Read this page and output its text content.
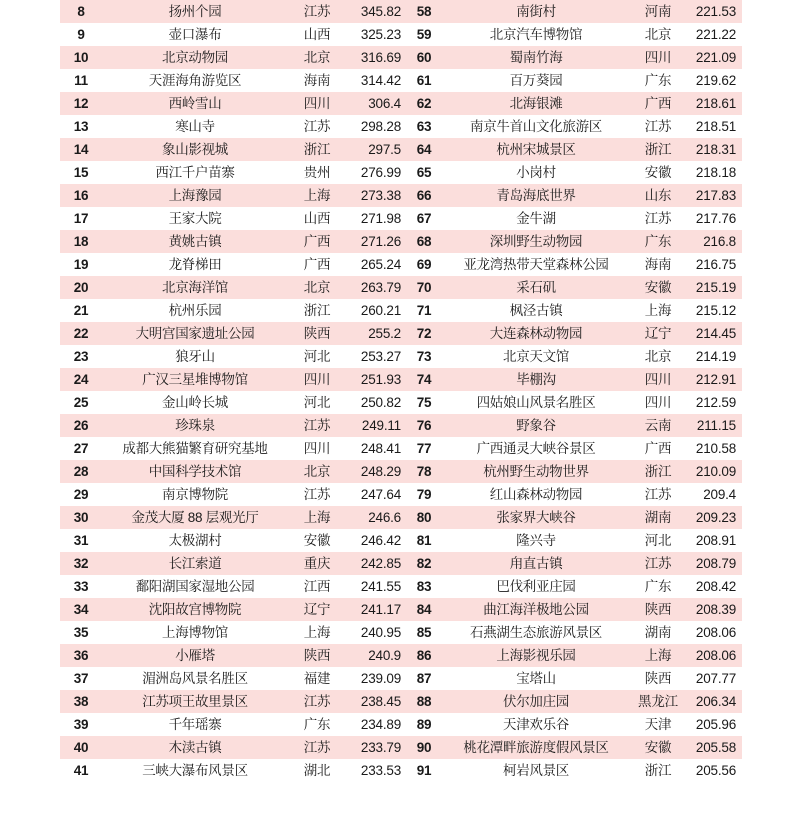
8	扬州个园	江苏	345.82	58	南街村	河南	221.53
9	壶口瀑布	山西	325.23	59	北京汽车博物馆	北京	221.22
10	北京动物园	北京	316.69	60	蜀南竹海	四川	221.09
11	天涯海角游览区	海南	314.42	61	百万葵园	广东	219.62
12	西岭雪山	四川	306.4	62	北海银滩	广西	218.61
13	寒山寺	江苏	298.28	63	南京牛首山文化旅游区	江苏	218.51
14	象山影视城	浙江	297.5	64	杭州宋城景区	浙江	218.31
15	西江千户苗寨	贵州	276.99	65	小岗村	安徽	218.18
16	上海豫园	上海	273.38	66	青岛海底世界	山东	217.83
17	王家大院	山西	271.98	67	金牛湖	江苏	217.76
18	黄姚古镇	广西	271.26	68	深圳野生动物园	广东	216.8
19	龙脊梯田	广西	265.24	69	亚龙湾热带天堂森林公园	海南	216.75
20	北京海洋馆	北京	263.79	70	采石矶	安徽	215.19
21	杭州乐园	浙江	260.21	71	枫泾古镇	上海	215.12
22	大明宫国家遗址公园	陕西	255.2	72	大连森林动物园	辽宁	214.45
23	狼牙山	河北	253.27	73	北京天文馆	北京	214.19
24	广汉三星堆博物馆	四川	251.93	74	毕棚沟	四川	212.91
25	金山岭长城	河北	250.82	75	四姑娘山风景名胜区	四川	212.59
26	珍珠泉	江苏	249.11	76	野象谷	云南	211.15
27	成都大熊猫繁育研究基地	四川	248.41	77	广西通灵大峡谷景区	广西	210.58
28	中国科学技术馆	北京	248.29	78	杭州野生动物世界	浙江	210.09
29	南京博物院	江苏	247.64	79	红山森林动物园	江苏	209.4
30	金茂大厦 88 层观光厅	上海	246.6	80	张家界大峡谷	湖南	209.23
31	太极湖村	安徽	246.42	81	隆兴寺	河北	208.91
32	长江索道	重庆	242.85	82	甪直古镇	江苏	208.79
33	鄱阳湖国家湿地公园	江西	241.55	83	巴伐利亚庄园	广东	208.42
34	沈阳故宫博物院	辽宁	241.17	84	曲江海洋极地公园	陕西	208.39
35	上海博物馆	上海	240.95	85	石燕湖生态旅游风景区	湖南	208.06
36	小雁塔	陕西	240.9	86	上海影视乐园	上海	208.06
37	湄洲岛风景名胜区	福建	239.09	87	宝塔山	陕西	207.77
38	江苏项王故里景区	江苏	238.45	88	伏尔加庄园	黑龙江	206.34
39	千年瑶寨	广东	234.89	89	天津欢乐谷	天津	205.96
40	木渎古镇	江苏	233.79	90	桃花潭畔旅游度假风景区	安徽	205.58
41	三峡大瀑布风景区	湖北	233.53	91	柯岩风景区	浙江	205.56
